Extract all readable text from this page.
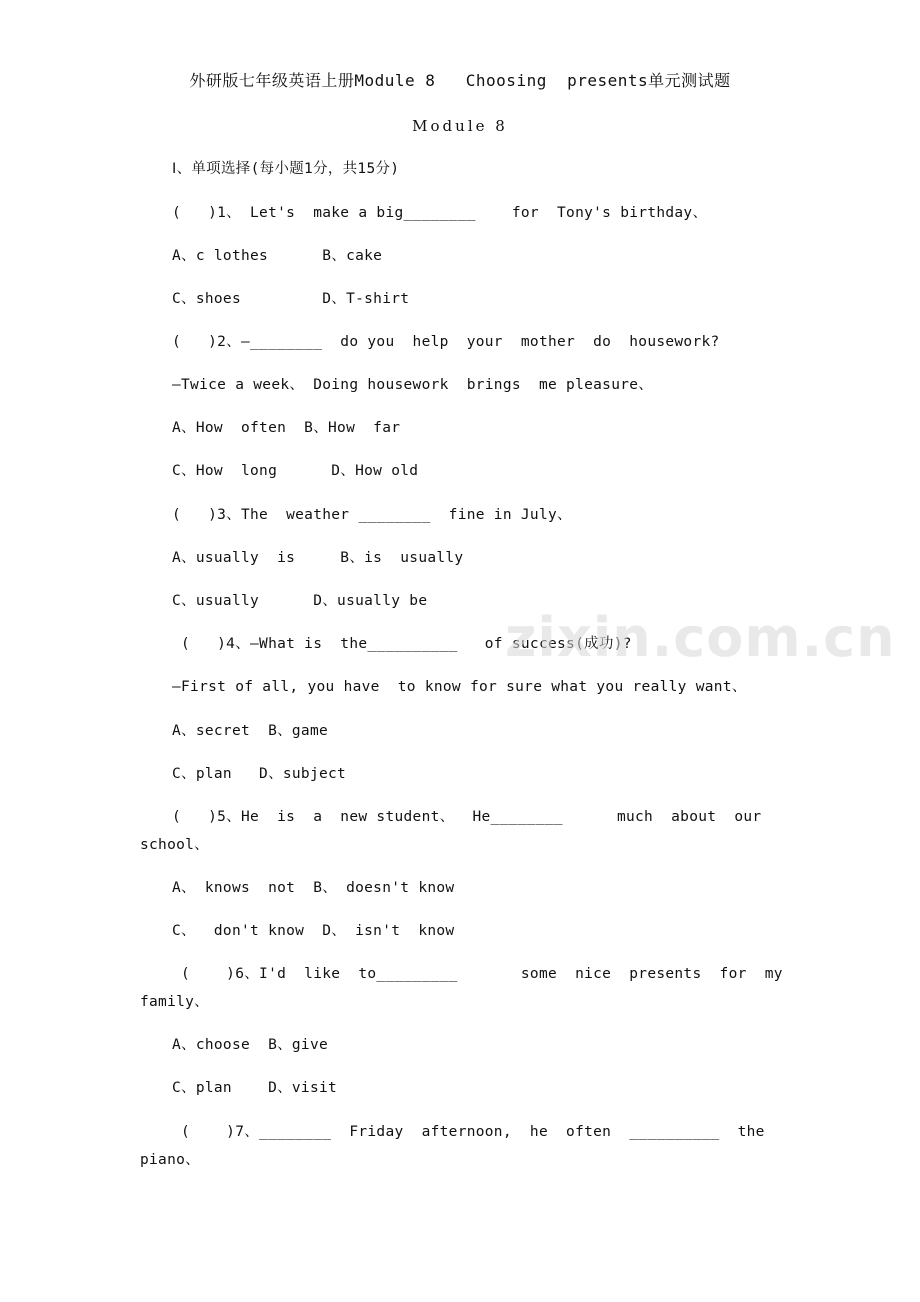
外研版七年级英语上册Module 8   Choosing  presents单元测试题
Module 8
Ⅰ、单项选择(每小题1分，共15分)
(   )1、 Let's  make a big________    for  Tony's birthday、
A、c lothes      B、cake
C、shoes         D、T-shirt
(   )2、—________  do you  help  your  mother  do  housework?
—Twice a week、 Doing housework  brings  me pleasure、
A、How  often  B、How  far
C、How  long      D、How old
(   )3、The  weather ________  fine in July、
A、usually  is     B、is  usually
C、usually      D、usually be
(   )4、—What is  the__________   of success(成功)?
—First of all, you have  to know for sure what you really want、
A、secret  B、game
C、plan   D、subject
(   )5、He  is  a  new student、  He________      much  about  our
school、
A、 knows  not  B、 doesn't know
C、  don't know  D、 isn't  know
(    )6、I'd  like  to_________       some  nice  presents  for  my
family、
A、choose  B、give
C、plan    D、visit
(    )7、________  Friday  afternoon,  he  often  __________  the
piano、
zixin.com.cn
